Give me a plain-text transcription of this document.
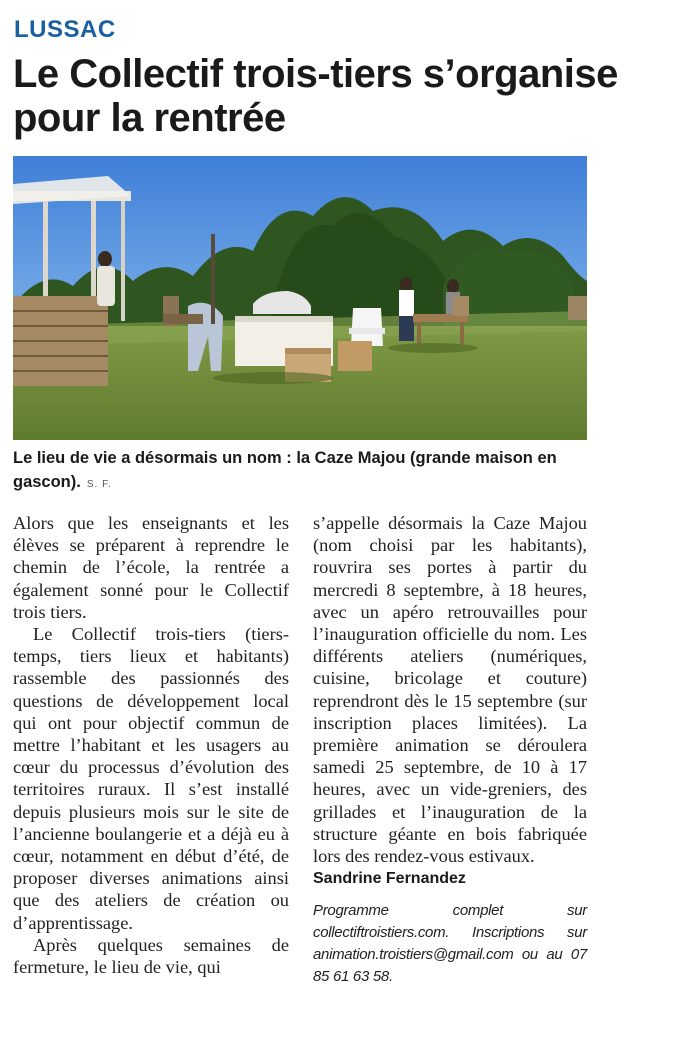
LUSSAC
Le Collectif trois-tiers s’organise pour la rentrée
Le lieu de vie a désormais un nom : la Caze Majou (grande maison en gascon). S. F.

Alors que les enseignants et les élèves se préparent à reprendre le chemin de l’école, la rentrée a également sonné pour le Collectif trois tiers.

Le Collectif trois-tiers (tiers-temps, tiers lieux et habitants) rassemble des passionnés des questions de développement local qui ont pour objectif commun de mettre l’habitant et les usagers au cœur du processus d’évolution des territoires ruraux. Il s’est installé depuis plusieurs mois sur le site de l’ancienne boulangerie et a déjà eu à cœur, notamment en début d’été, de proposer diverses animations ainsi que des ateliers de création ou d’apprentissage.

Après quelques semaines de fermeture, le lieu de vie, qui

s’appelle désormais la Caze Majou (nom choisi par les habitants), rouvrira ses portes à partir du mercredi 8 septembre, à 18 heures, avec un apéro retrouvailles pour l’inauguration officielle du nom. Les différents ateliers (numériques, cuisine, bricolage et couture) reprendront dès le 15 septembre (sur inscription places limitées). La première animation se déroulera samedi 25 septembre, de 10 à 17 heures, avec un vide-greniers, des grillades et l’inauguration de la structure géante en bois fabriquée lors des rendez-vous estivaux.

Sandrine Fernandez
Programme complet sur collectiftroistiers.com. Inscriptions sur animation.troistiers@gmail.com ou au 07 85 61 63 58.
